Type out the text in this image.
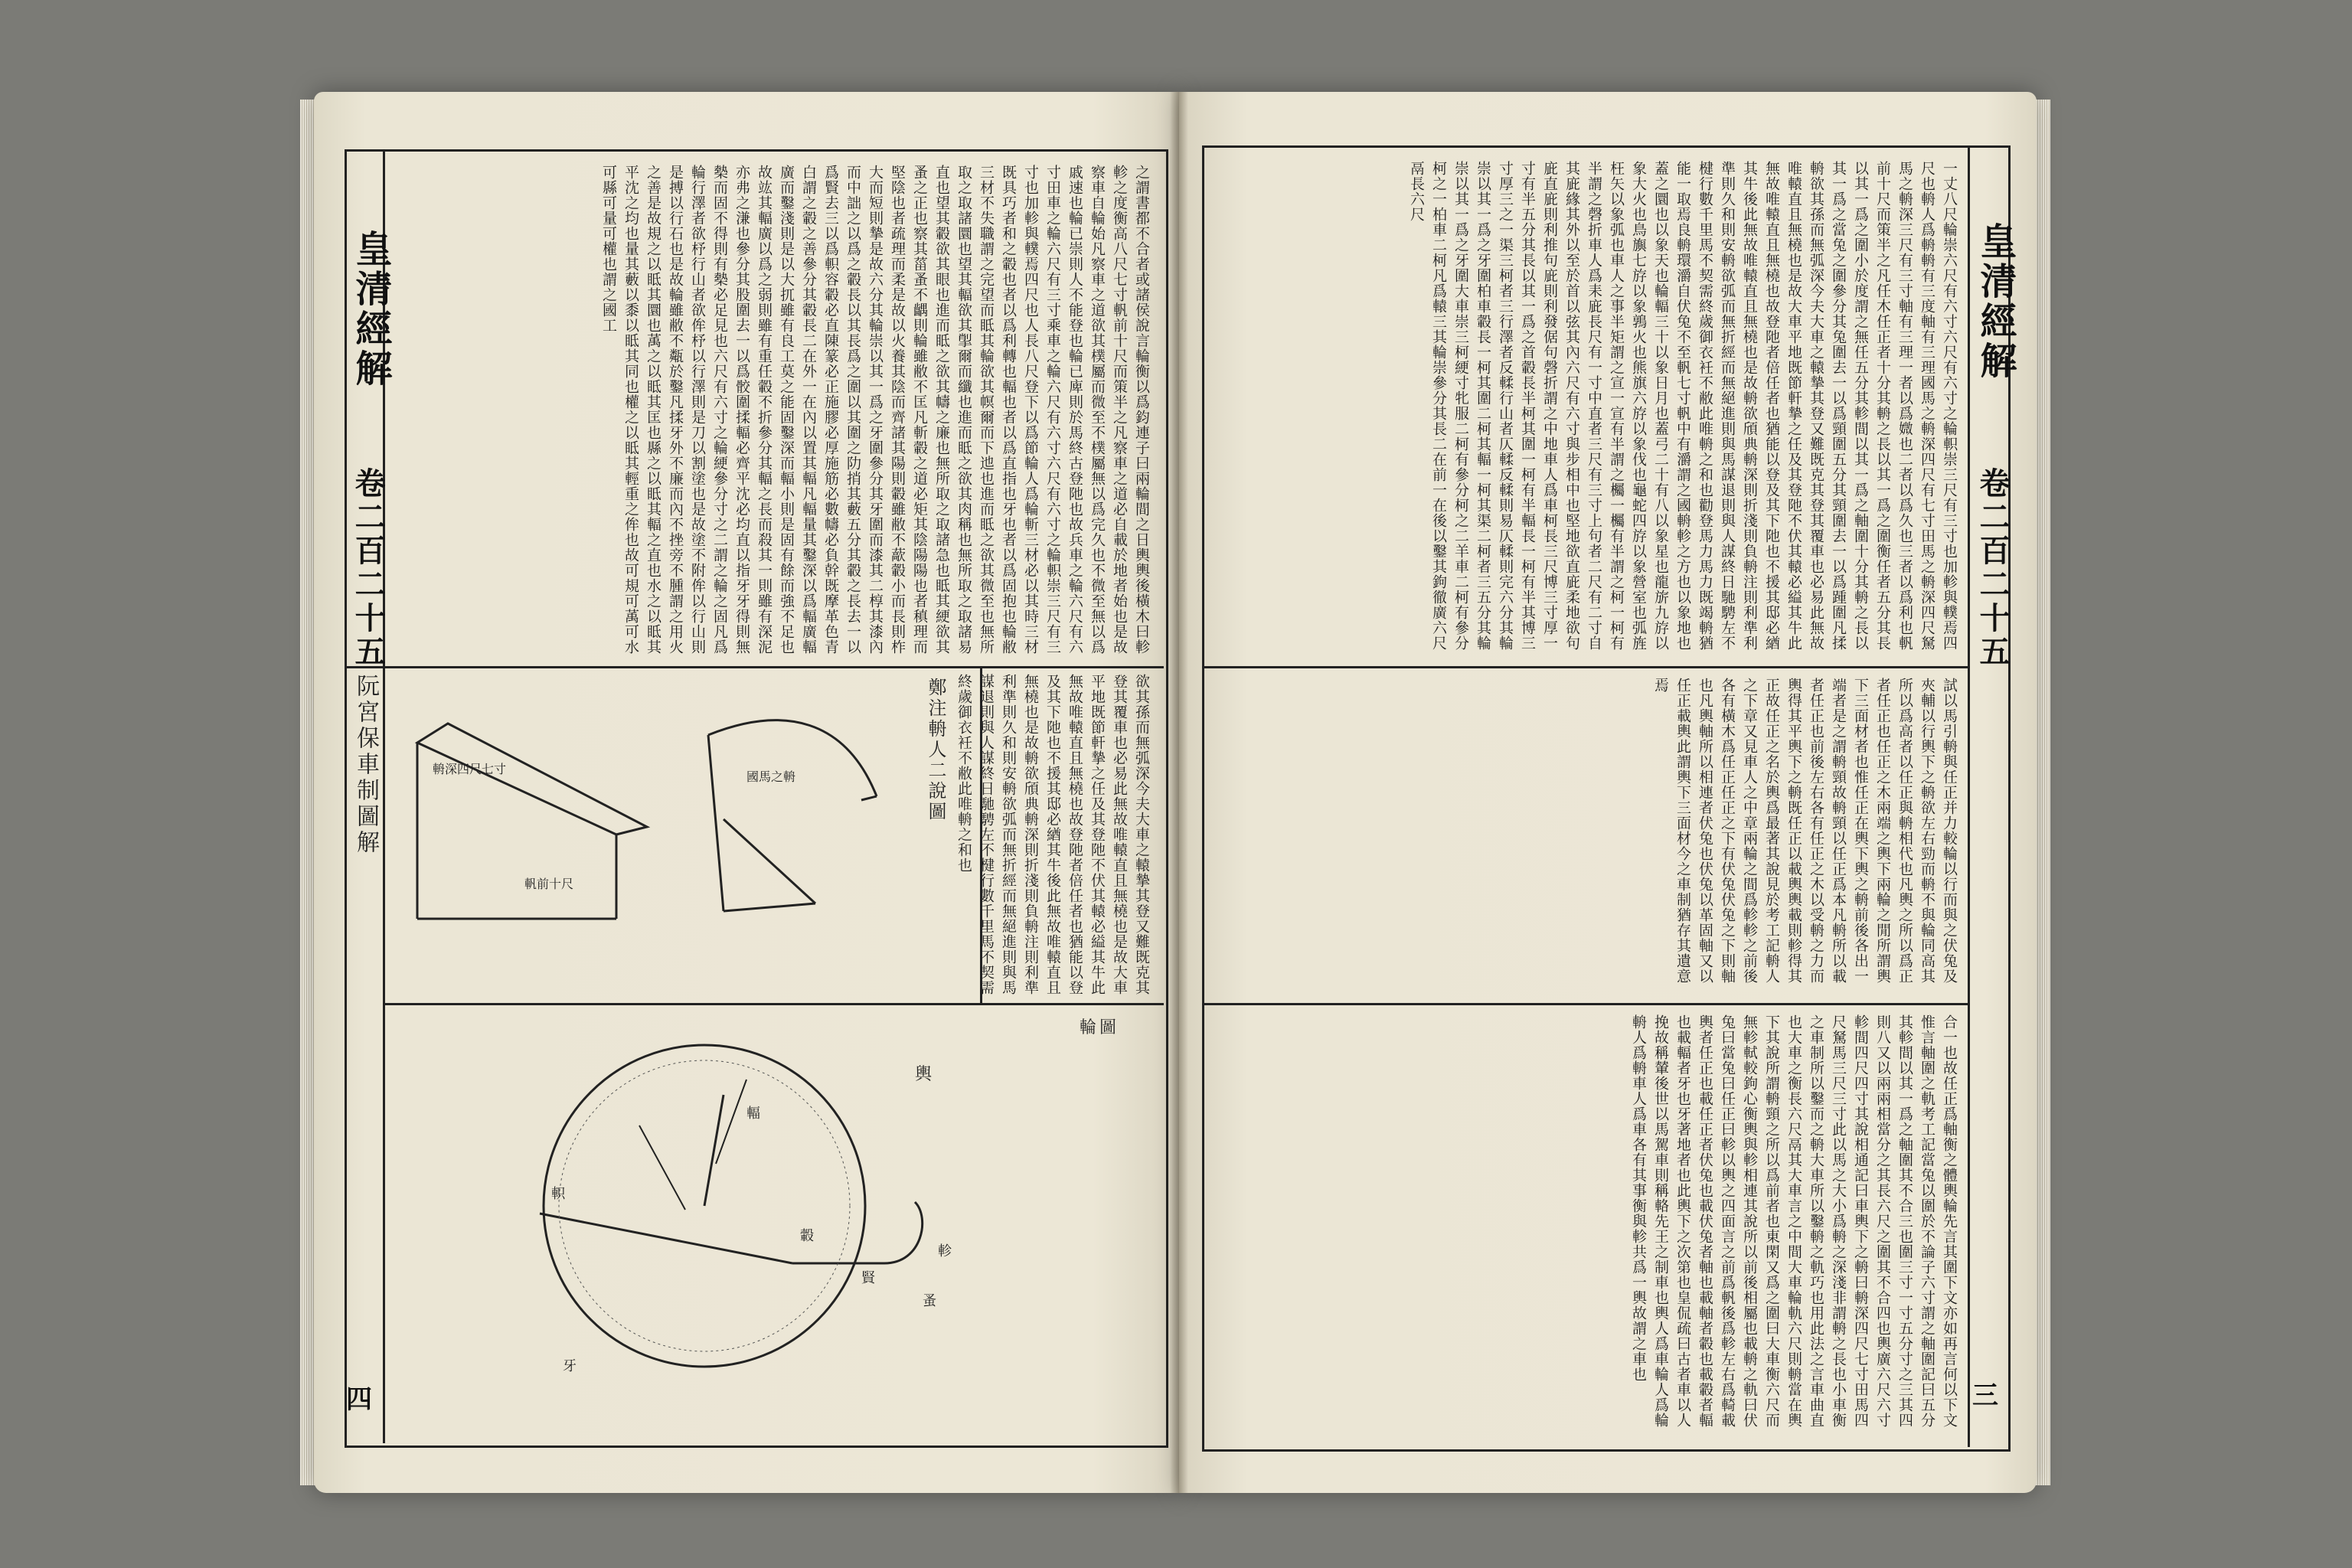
皇清經解
卷二百二十五
阮宮保車制圖解
四
之謂書都不合者或諸侯說言輪衡以爲鈞連子曰兩輪間之日輿輿後橫木曰軫軫之度衡高八尺七寸軓前十尺而策半之凡察車之道必自載於地者始也是故察車自輪始凡察車之道欲其樸屬而微至不樸屬無以爲完久也不微至無以爲戚速也輪已崇則人不能登也輪已庳則於馬終古登阤也故兵車之輪六尺有六寸田車之輪六尺有三寸乘車之輪六尺有六寸六尺有六寸之輪軹崇三尺有三寸也加軫與轐焉四尺也人長八尺登下以爲節輪人爲輪斬三材必以其時三材既具巧者和之轂也者以爲利轉也輻也者以爲直指也牙也者以爲固抱也輪敝三材不失職謂之完望而眡其輪欲其幎爾而下迆也進而眡之欲其微至也無所取之取諸圜也望其輻欲其揱爾而纖也進而眡之欲其肉稱也無所取之取諸易直也望其轂欲其眼也進而眡之欲其幬之廉也無所取之取諸急也眡其綆欲其蚤之正也察其菑蚤不齵則輪雖敝不匡凡斬轂之道必矩其陰陽陽也者稹理而堅陰也者疏理而柔是故以火養其陰而齊諸其陽則轂雖敝不藃轂小而長則柞大而短則摯是故六分其輪崇以其一爲之牙圍參分其牙圍而漆其二椁其漆內而中詘之以爲之轂長以其長爲之圍以其圍之阞捎其藪五分其轂之長去一以爲賢去三以爲軹容轂必直陳篆必正施膠必厚施筋必數幬必負幹既摩革色青白謂之轂之善參分其轂長二在外一在內以置其輻凡輻量其鑿深以爲輻廣輻廣而鑿淺則是以大扤雖有良工莫之能固鑿深而輻小則是固有餘而強不足也故竑其輻廣以爲之弱則雖有重任轂不折參分其輻之長而殺其一則雖有深泥亦弗之溓也參分其股圍去一以爲骹圍揉輻必齊平沈必均直以指牙牙得則無槷而固不得則有槷必足見也六尺有六寸之輪綆參分寸之二謂之輪之固凡爲輪行澤者欲杼行山者欲侔杼以行澤則是刀以割塗也是故塗不附侔以行山則是搏以行石也是故輪雖敝不甐於鑿凡揉牙外不廉而內不挫旁不腫謂之用火之善是故規之以眡其圜也萭之以眡其匡也縣之以眡其輻之直也水之以眡其平沈之均也量其藪以黍以眡其同也權之以眡其輕重之侔也故可規可萭可水可縣可量可權也謂之國工
鄭注輈人二說圖	欲其孫而無弧深今夫大車之轅摯其登又難既克其登其覆車也必易此無故唯轅直且無橈也是故大車平地既節軒摯之任及其登阤不伏其轅必縊其牛此無故唯轅直且無橈也故登阤者倍任者也猶能以登及其下阤也不援其邸必緧其牛後此無故唯轅直且無橈也是故輈欲頎典輈深則折淺則負輈注則利準利準則久和則安輈欲弧而無折經而無絕進則與馬謀退則與人謀終日馳騁左不楗行數千里馬不契需終歲御衣衽不敝此唯輈之和也
輈深四尺七寸
軓前十尺
國馬之輈
輪圖
輿
軫
輻
轂
軹
牙
賢
蚤
皇清經解
卷二百二十五
三
一丈八尺輪崇六尺有六寸六尺有六寸之輪軹崇三尺有三寸也加軫與轐焉四尺也輈人爲輈輈有三度軸有三理國馬之輈深四尺有七寸田馬之輈深四尺駑馬之輈深三尺有三寸軸有三理一者以爲媺也二者以爲久也三者以爲利也軓前十尺而策半之凡任木任正者十分其輈之長以其一爲之圍衡任者五分其長以其一爲之圍小於度謂之無任五分其軫間以其一爲之軸圍十分其輈之長以其一爲之當兔之圍參分其兔圍去一以爲頸圍五分其頸圍去一以爲踵圍凡揉輈欲其孫而無弧深今夫大車之轅摯其登又難既克其登其覆車也必易此無故唯轅直且無橈也是故大車平地既節軒摯之任及其登阤不伏其轅必縊其牛此無故唯轅直且無橈也故登阤者倍任者也猶能以登及其下阤也不援其邸必緧其牛後此無故唯轅直且無橈也是故輈欲頎典輈深則折淺則負輈注則利準利準則久和則安輈欲弧而無折經而無絕進則與馬謀退則與人謀終日馳騁左不楗行數千里馬不契需終歲御衣衽不敝此唯輈之和也勸登馬力馬力既竭輈猶能一取焉良輈環灂自伏兔不至軓七寸軓中有灂謂之國輈軫之方也以象地也蓋之圜也以象天也輪輻三十以象日月也蓋弓二十有八以象星也龍旂九斿以象大火也鳥旟七斿以象鶉火也熊旗六斿以象伐也龜蛇四斿以象營室也弧旌枉矢以象弧也車人之事半矩謂之宣一宣有半謂之欘一欘有半謂之柯一柯有半謂之磬折車人爲耒庛長尺有一寸中直者三尺有三寸上句者二尺有二寸自其庛緣其外以至於首以弦其內六尺有六寸與步相中也堅地欲直庛柔地欲句庛直庛則利推句庛則利發倨句磬折謂之中地車人爲車柯長三尺博三寸厚一寸有半五分其長以其一爲之首轂長半柯其圍一柯有半輻長一柯有半其博三寸厚三之一渠三柯者三行澤者反輮行山者仄輮反輮則易仄輮則完六分其輪崇以其一爲之牙圍柏車轂長一柯其圍二柯其輻一柯其渠二柯者三五分其輪崇以其一爲之牙圍大車崇三柯綆寸牝服二柯有參分柯之二羊車二柯有參分柯之一柏車二柯凡爲轅三其輪崇參分其長二在前一在後以鑿其鉤徹廣六尺鬲長六尺
試以馬引輈與任正并力較輪以行而與之伏兔及夾輔以行輿下之輈欲左右勁而輈不與輪同高其所以爲高者以任正與輈相代也凡輿之所以爲正者任正也任正之木兩端之輿下兩輪之閒所謂輿下三面材者也惟任正在輿下輿之輈前後各出一端者是之謂輈頸故輈頸以任正爲本凡輈所以載者任正也前後左右各有任正之木以受輈之力而輿得其平輿下之輈既任正以載輿輿載則軫得其正故任正之名於輿爲最著其說見於考工記輈人之下章又見車人之中章兩輪之間爲軫軫之前後各有橫木爲任正任正之下有伏兔伏兔之下則軸也凡輿軸所以相連者伏兔也伏兔以革固軸又以任正載輿此謂輿下三面材今之車制猶存其遺意焉
合一也故任正爲軸衡之體輿輪先言其圍下文亦如再言何以下文惟言軸圍之軌考工記當兔以圍於不論子六寸謂之軸圍記曰五分其軫間以其一爲之軸圍其不合三也圍三寸一寸五分寸之三其四則八又以兩兩相當分之其長六尺之圍其不合四也輿廣六尺六寸軫間四尺四寸其說相通記曰車輿下之輈曰輈深四尺七寸田馬四尺駑馬三尺三寸此以馬之大小爲輈之深淺非謂輈之長也小車衡之車制所以鑿而之輈大車所以鑿輈之軌巧也用此法之言車曲直也大車之衡長六尺鬲其大車言之中間大車輪軌六尺則輈當在輿下其說所謂輈頸之所以爲前者也東閑又爲之圍曰大車衡六尺而無軫軾較鉤心衡輿與軫相連其說所以前後相屬也載輈之軌曰伏兔曰當兔曰任正曰軫以輿之四面言之前爲軓後爲軫左右爲輢載輿者任正也載任正者伏兔也載伏兔者軸也載軸者轂也載轂者輻也載輻者牙也牙著地者也此輿下之次第也皇侃疏曰古者車以人挽故稱輦後世以馬駕車則稱輅先王之制車也輿人爲車輪人爲輪輈人爲輈車人爲車各有其事衡與軫共爲一輿故謂之車也
